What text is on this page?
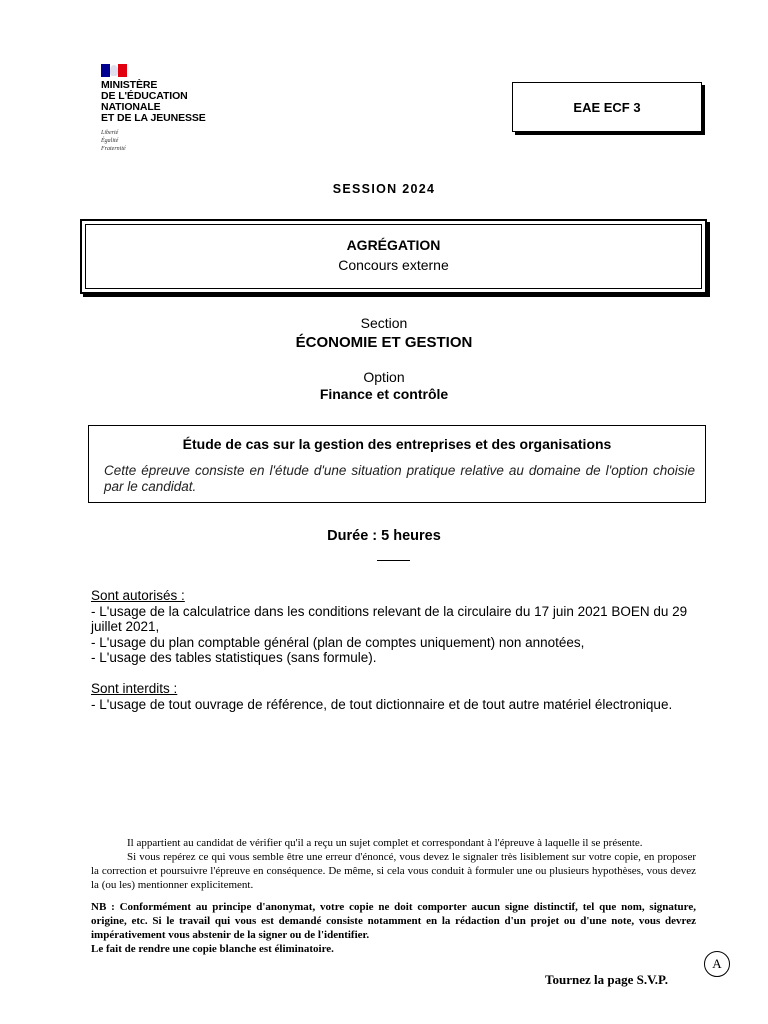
MINISTÈRE
DE L'ÉDUCATION
NATIONALE
ET DE LA JEUNESSE
Liberté
Égalité
Fraternité
EAE ECF 3
SESSION 2024
AGRÉGATION
Concours externe
Section
ÉCONOMIE ET GESTION
Option
Finance et contrôle
Étude de cas sur la gestion des entreprises et des organisations
Cette épreuve consiste en l'étude d'une situation pratique relative au domaine de l'option choisie par le candidat.
Durée : 5 heures
Sont autorisés :
- L'usage de la calculatrice dans les conditions relevant de la circulaire du 17 juin 2021 BOEN du 29 juillet 2021,
- L'usage du plan comptable général (plan de comptes uniquement) non annotées,
- L'usage des tables statistiques (sans formule).
Sont interdits :
- L'usage de tout ouvrage de référence, de tout dictionnaire et de tout autre matériel électronique.

Il appartient au candidat de vérifier qu'il a reçu un sujet complet et correspondant à l'épreuve à laquelle il se présente.

Si vous repérez ce qui vous semble être une erreur d'énoncé, vous devez le signaler très lisiblement sur votre copie, en proposer la correction et poursuivre l'épreuve en conséquence. De même, si cela vous conduit à formuler une ou plusieurs hypothèses, vous devez la (ou les) mentionner explicitement.

NB : Conformément au principe d'anonymat, votre copie ne doit comporter aucun signe distinctif, tel que nom, signature, origine, etc. Si le travail qui vous est demandé consiste notamment en la rédaction d'un projet ou d'une note, vous devrez impérativement vous abstenir de la signer ou de l'identifier.

Le fait de rendre une copie blanche est éliminatoire.

A
Tournez la page S.V.P.
